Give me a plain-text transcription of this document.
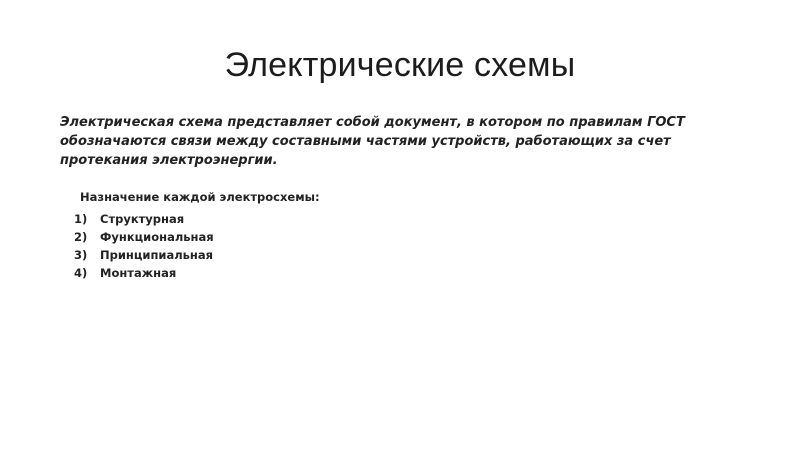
Электрические схемы

Электрическая схема представляет собой документ, в котором по правилам ГОСТ обозначаются связи между составными частями устройств, работающих за счет протекания электроэнергии.

Назначение каждой электросхемы:
1)	Структурная
2)	Функциональная
3)	Принципиальная
4)	Монтажная
